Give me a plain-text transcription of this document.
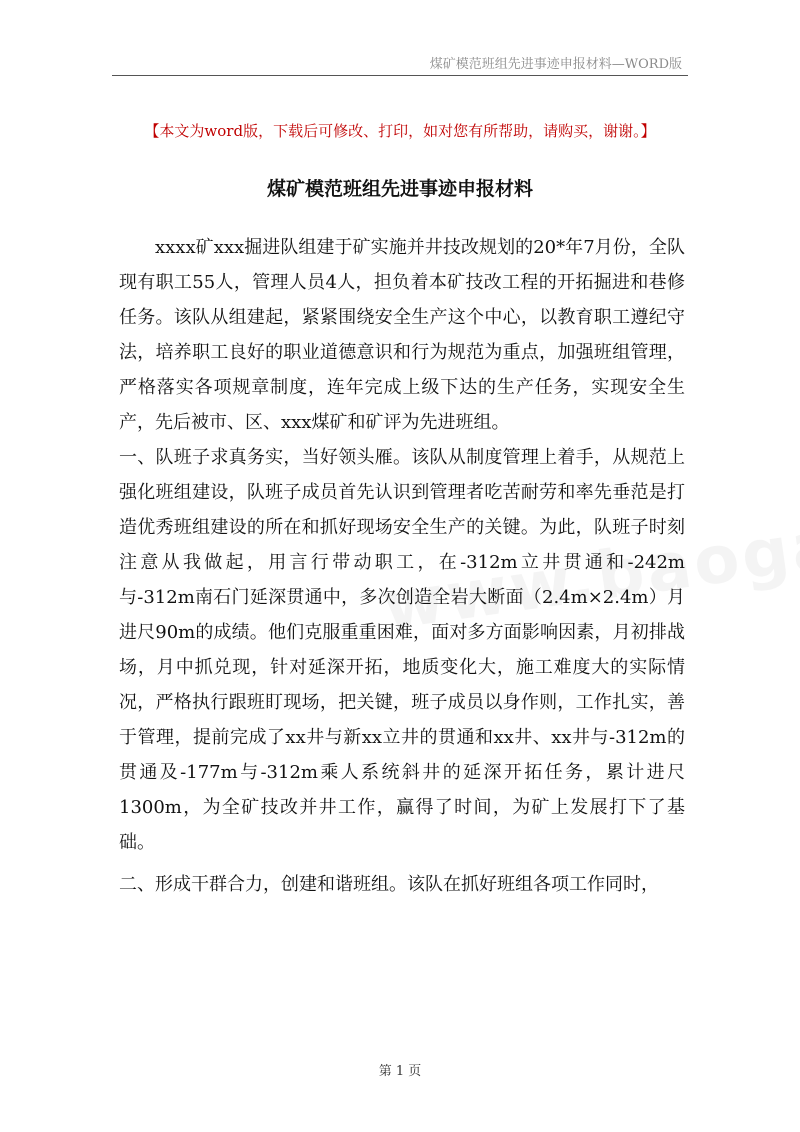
煤矿模范班组先进事迹申报材料—WORD版
【本文为word版，下载后可修改、打印，如对您有所帮助，请购买，谢谢。】
煤矿模范班组先进事迹申报材料

xxxx矿xxx掘进队组建于矿实施并井技改规划的20*年7月份，全队现有职工55人，管理人员4人，担负着本矿技改工程的开拓掘进和巷修任务。该队从组建起，紧紧围绕安全生产这个中心，以教育职工遵纪守法，培养职工良好的职业道德意识和行为规范为重点，加强班组管理，严格落实各项规章制度，连年完成上级下达的生产任务，实现安全生产，先后被市、区、xxx煤矿和矿评为先进班组。

一、队班子求真务实，当好领头雁。该队从制度管理上着手，从规范上强化班组建设，队班子成员首先认识到管理者吃苦耐劳和率先垂范是打造优秀班组建设的所在和抓好现场安全生产的关键。为此，队班子时刻注意从我做起，用言行带动职工，在-312m立井贯通和-242m与-312m南石门延深贯通中，多次创造全岩大断面（2.4m×2.4m）月进尺90m的成绩。他们克服重重困难，面对多方面影响因素，月初排战场，月中抓兑现，针对延深开拓，地质变化大，施工难度大的实际情况，严格执行跟班盯现场，把关键，班子成员以身作则，工作扎实，善于管理，提前完成了xx井与新xx立井的贯通和xx井、xx井与-312m的贯通及-177m与-312m乘人系统斜井的延深开拓任务，累计进尺1300m，为全矿技改并井工作，赢得了时间，为矿上发展打下了基础。

二、形成干群合力，创建和谐班组。该队在抓好班组各项工作同时，

第 1 页
